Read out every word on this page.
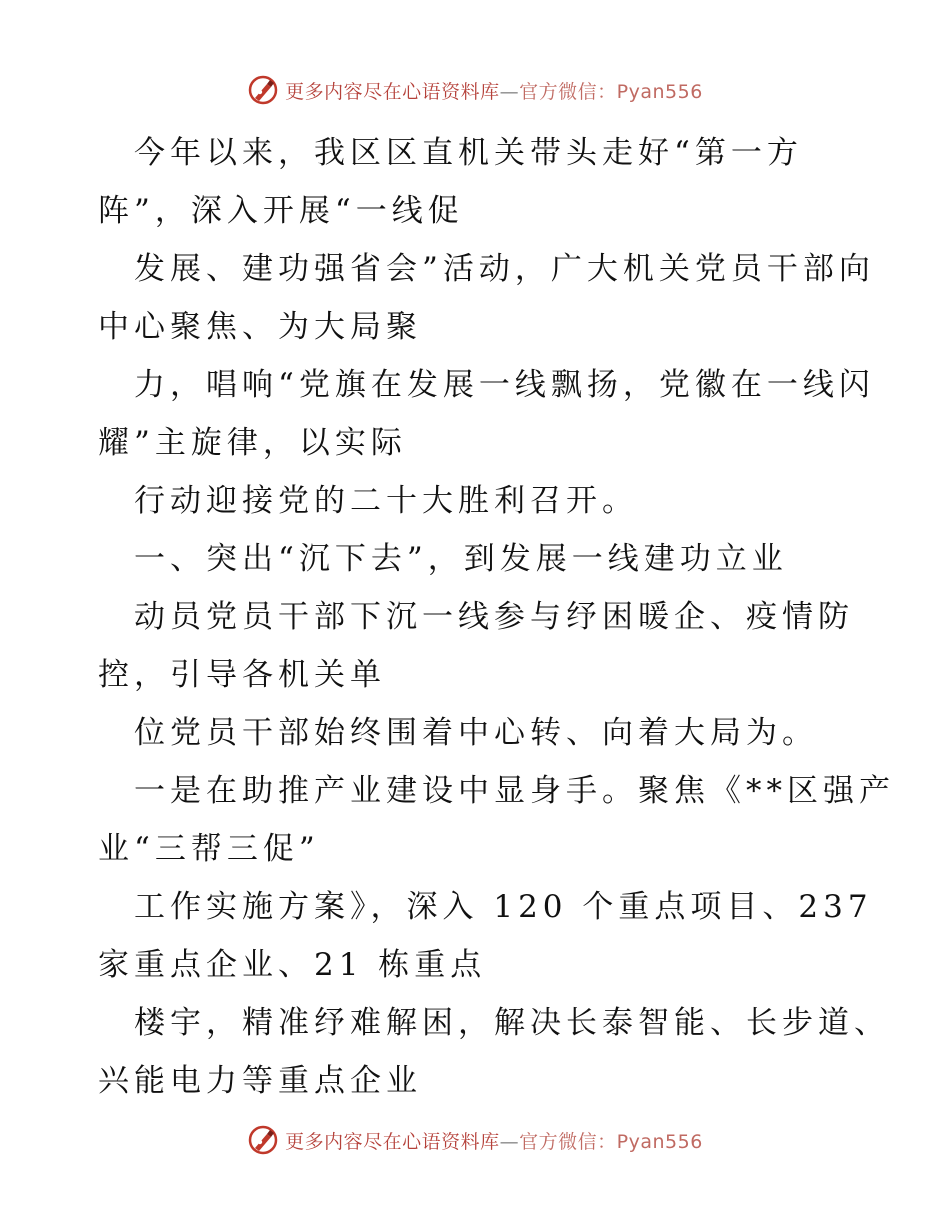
更多内容尽在心语资料库—官方微信：Pyan556
今年以来，我区区直机关带头走好“第一方
阵”，深入开展“一线促
发展、建功强省会”活动，广大机关党员干部向
中心聚焦、为大局聚
力，唱响“党旗在发展一线飘扬，党徽在一线闪
耀”主旋律，以实际
行动迎接党的二十大胜利召开。
一、突出“沉下去”，到发展一线建功立业
动员党员干部下沉一线参与纾困暖企、疫情防
控，引导各机关单
位党员干部始终围着中心转、向着大局为。
一是在助推产业建设中显身手。聚焦《**区强产
业“三帮三促”
工作实施方案》，深入 120 个重点项目、237
家重点企业、21 栋重点
楼宇，精准纾难解困，解决长泰智能、长步道、
兴能电力等重点企业
更多内容尽在心语资料库—官方微信：Pyan556
